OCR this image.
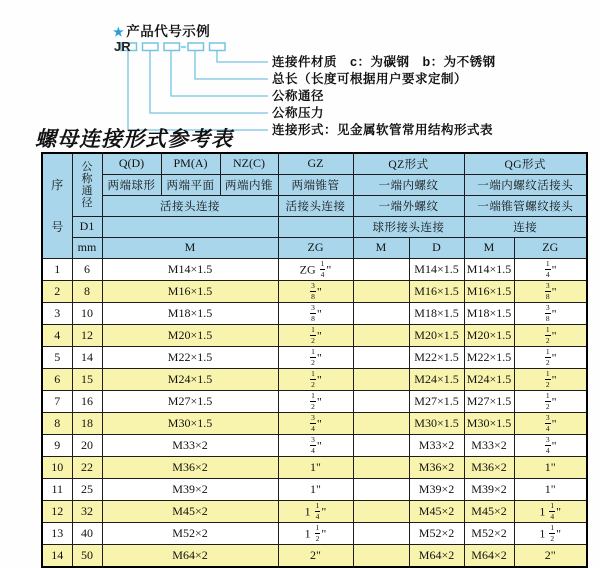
★ 产品代号示例
JR
连接件材质　c：为碳钢　b：为不锈钢
总长（长度可根据用户要求定制）
公称通径
公称压力
连接形式：见金属软管常用结构形式表
螺母连接形式参考表
序
号	公
称
通
径	Q(D)	PM(A)	NZ(C)	GZ	QZ形式		QG形式	
		两端球形	两端平面	两端内锥	两端锥管	一端内螺纹		一端内螺纹活接头	
		活接头连接			活接头连接	一端外螺纹		一端锥管螺纹接头	
	D1					球形接头连接		连接	
	mm	M			ZG	M	D	M	ZG
1	6	M14×1.5			ZG $\frac{1}{4}$ "		M14×1.5	M14×1.5	$\frac{1}{4}$ "
2	8	M16×1.5			$\frac{3}{8}$ "		M16×1.5	M16×1.5	$\frac{3}{8}$ "
3	10	M18×1.5			$\frac{3}{8}$ "		M18×1.5	M18×1.5	$\frac{3}{8}$ "
4	12	M20×1.5			$\frac{1}{2}$ "		M20×1.5	M20×1.5	$\frac{1}{2}$ "
5	14	M22×1.5			$\frac{1}{2}$ "		M22×1.5	M22×1.5	$\frac{1}{2}$ "
6	15	M24×1.5			$\frac{1}{2}$ "		M24×1.5	M24×1.5	$\frac{1}{2}$ "
7	16	M27×1.5			$\frac{1}{2}$ "		M27×1.5	M27×1.5	$\frac{1}{2}$ "
8	18	M30×1.5			$\frac{3}{4}$ "		M30×1.5	M30×1.5	$\frac{3}{4}$ "
9	20	M33×2			$\frac{3}{4}$ "		M33×2	M33×2	$\frac{3}{4}$ "
10	22	M36×2			1"		M36×2	M36×2	1"
11	25	M39×2			1"		M39×2	M39×2	1"
12	32	M45×2			$1 \frac{1}{4}$ "		M45×2	M45×2	$1 \frac{1}{4}$ "
13	40	M52×2			$1 \frac{1}{2}$ "		M52×2	M52×2	$1 \frac{1}{2}$ "
14	50	M64×2			2"		M64×2	M64×2	2"
